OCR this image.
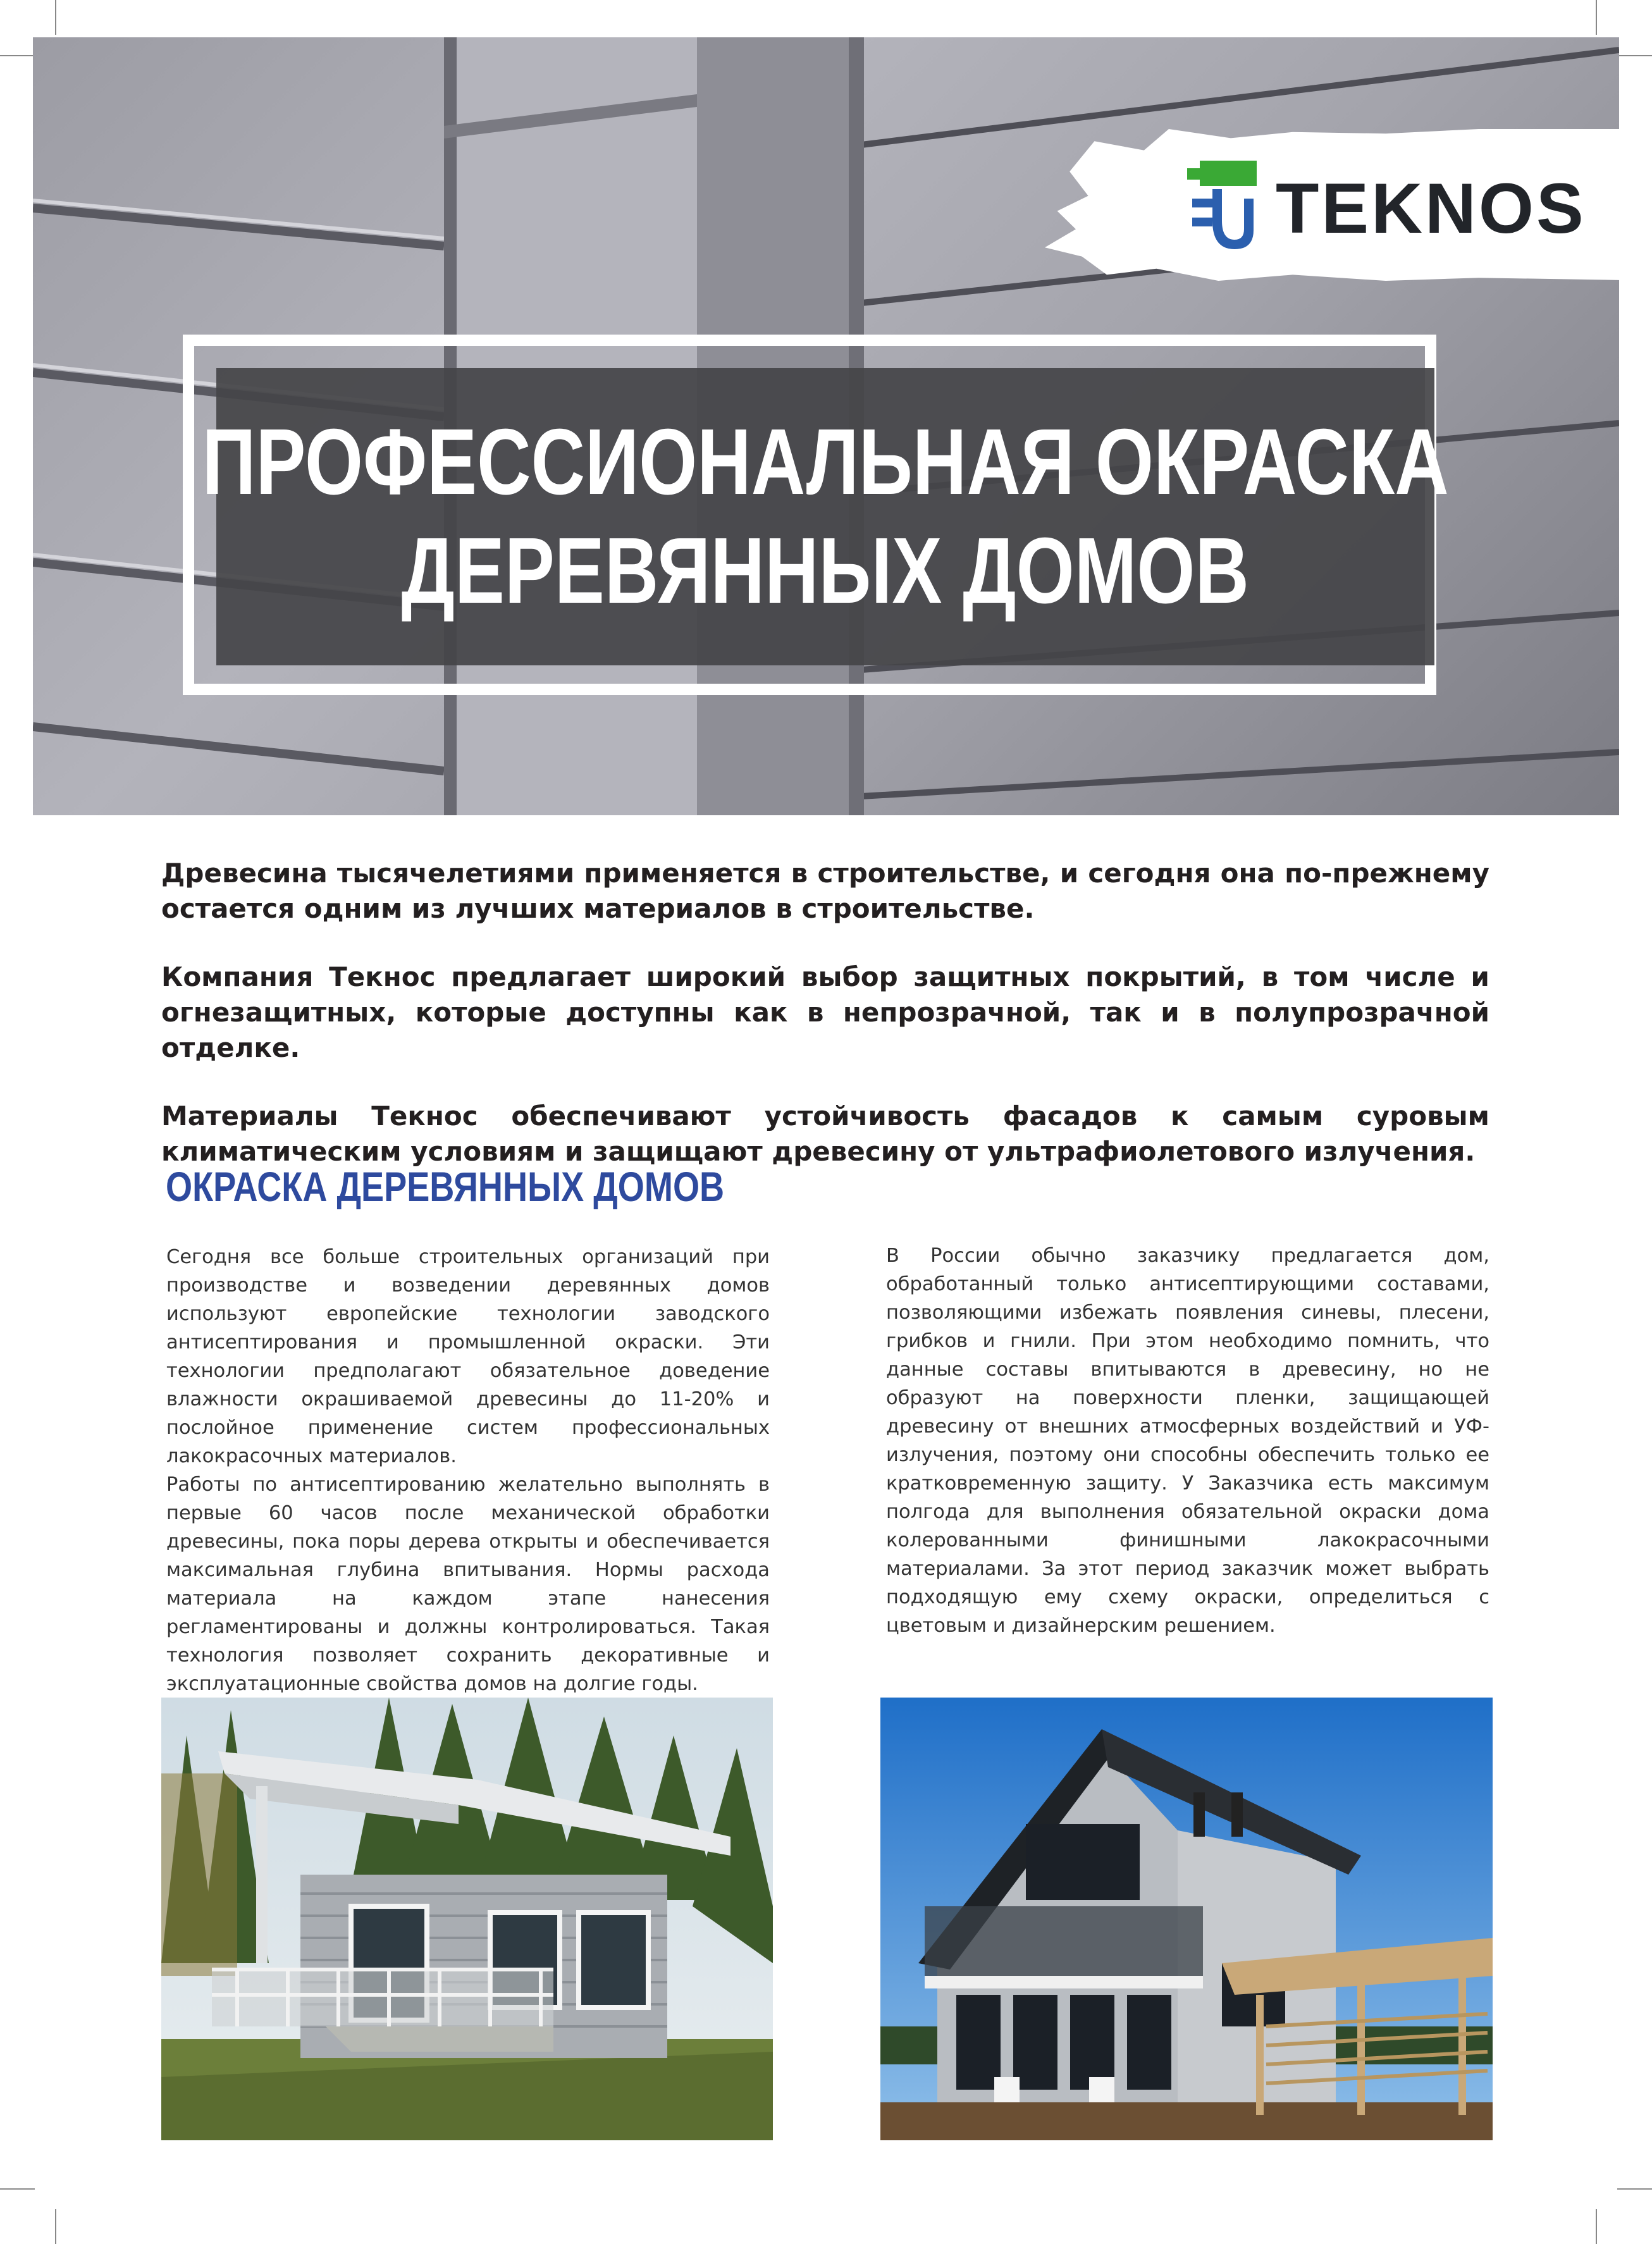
TEKNOS
ПРОФЕССИОНАЛЬНАЯ ОКРАСКА
ДЕРЕВЯННЫХ ДОМОВ

Древесина тысячелетиями применяется в строительстве, и сегодня она по-прежнему остается одним из лучших материалов в строительстве.

Компания Текнос предлагает широкий выбор защитных покрытий, в том числе и огнезащитных, которые доступны как в непрозрачной, так и в полупрозрачной отделке.

Материалы Текнос обеспечивают устойчивость фасадов к самым суровым климатическим условиям и защищают древесину от ультрафиолетового излучения.

ОКРАСКА ДЕРЕВЯННЫХ ДОМОВ

Сегодня все больше строительных организаций при производстве и возведении деревянных домов используют европейские технологии заводского антисептирования и промышленной окраски. Эти технологии предполагают обязательное доведение влажности окрашиваемой древесины до 11-20% и послойное применение систем профессиональных лакокрасочных материалов.

Работы по антисептированию желательно выполнять в первые 60 часов после механической обработки древесины, пока поры дерева открыты и обеспечивается максимальная глубина впитывания. Нормы расхода материала на каждом этапе нанесения регламентированы и должны контролироваться. Такая технология позволяет сохранить декоративные и эксплуатационные свойства домов на долгие годы.

В России обычно заказчику предлагается дом, обработанный только антисептирующими составами, позволяющими избежать появления синевы, плесени, грибков и гнили. При этом необходимо помнить, что данные составы впитываются в древесину, но не образуют на поверхности пленки, защищающей древесину от внешних атмосферных воздействий и УФ-излучения, поэтому они способны обеспечить только ее кратковременную защиту. У Заказчика есть максимум полгода для выполнения обязательной окраски дома колерованными финишными лакокрасочными материалами. За этот период заказчик может выбрать подходящую ему схему окраски, определиться с цветовым и дизайнерским решением.
